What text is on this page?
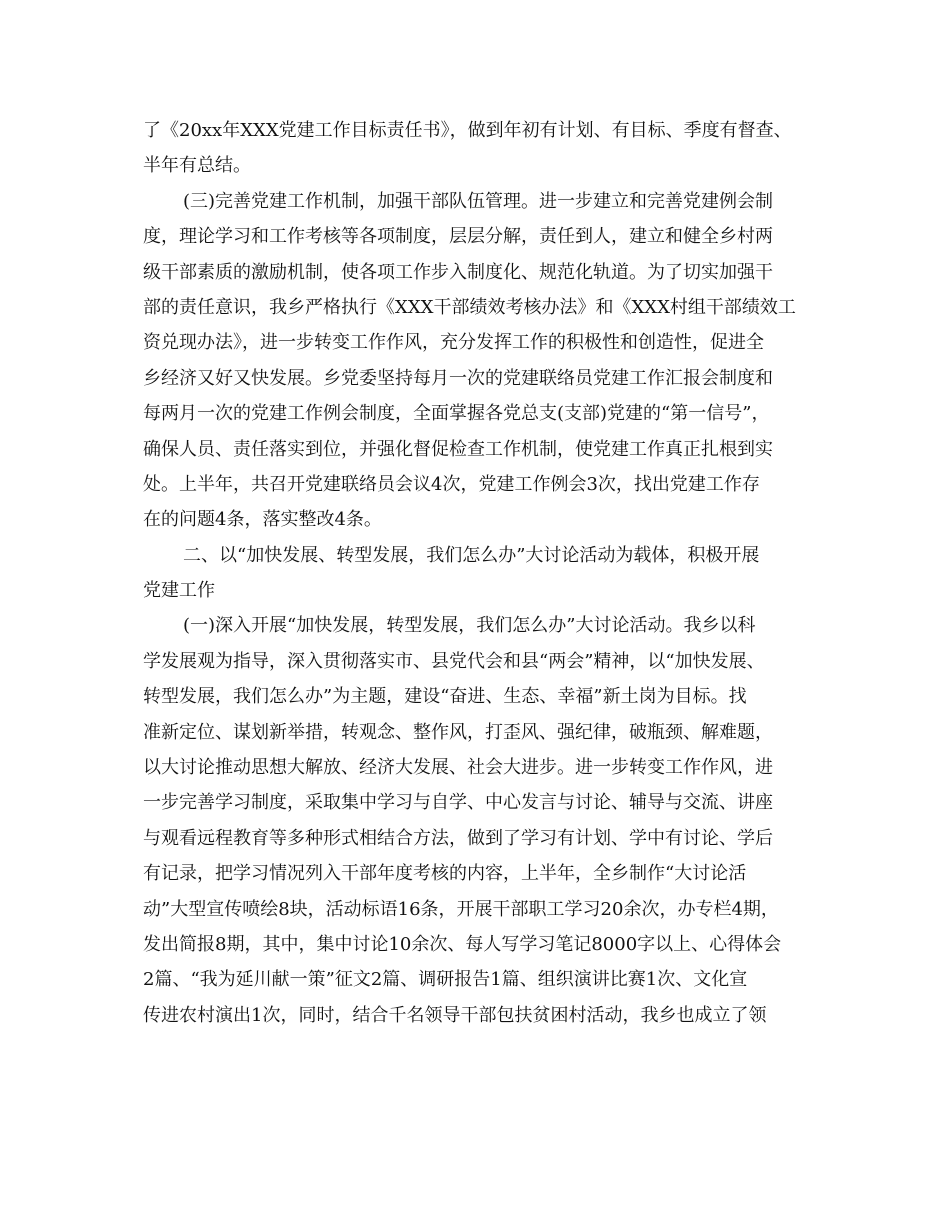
了《20xx年XXX党建工作目标责任书》，做到年初有计划、有目标、季度有督查、
半年有总结。
(三)完善党建工作机制，加强干部队伍管理。进一步建立和完善党建例会制
度，理论学习和工作考核等各项制度，层层分解，责任到人，建立和健全乡村两
级干部素质的激励机制，使各项工作步入制度化、规范化轨道。为了切实加强干
部的责任意识，我乡严格执行《XXX干部绩效考核办法》和《XXX村组干部绩效工
资兑现办法》，进一步转变工作作风，充分发挥工作的积极性和创造性，促进全
乡经济又好又快发展。乡党委坚持每月一次的党建联络员党建工作汇报会制度和
每两月一次的党建工作例会制度，全面掌握各党总支(支部)党建的“第一信号”，
确保人员、责任落实到位，并强化督促检查工作机制，使党建工作真正扎根到实
处。上半年，共召开党建联络员会议4次，党建工作例会3次，找出党建工作存
在的问题4条，落实整改4条。
二、以“加快发展、转型发展，我们怎么办”大讨论活动为载体，积极开展
党建工作
(一)深入开展“加快发展，转型发展，我们怎么办”大讨论活动。我乡以科
学发展观为指导，深入贯彻落实市、县党代会和县“两会”精神，以“加快发展、
转型发展，我们怎么办”为主题，建设“奋进、生态、幸福”新土岗为目标。找
准新定位、谋划新举措，转观念、整作风，打歪风、强纪律，破瓶颈、解难题，
以大讨论推动思想大解放、经济大发展、社会大进步。进一步转变工作作风，进
一步完善学习制度，采取集中学习与自学、中心发言与讨论、辅导与交流、讲座
与观看远程教育等多种形式相结合方法，做到了学习有计划、学中有讨论、学后
有记录，把学习情况列入干部年度考核的内容，上半年，全乡制作“大讨论活
动”大型宣传喷绘8块，活动标语16条，开展干部职工学习20余次，办专栏4期，
发出简报8期，其中，集中讨论10余次、每人写学习笔记8000字以上、心得体会
2篇、“我为延川献一策”征文2篇、调研报告1篇、组织演讲比赛1次、文化宣
传进农村演出1次，同时，结合千名领导干部包扶贫困村活动，我乡也成立了领
